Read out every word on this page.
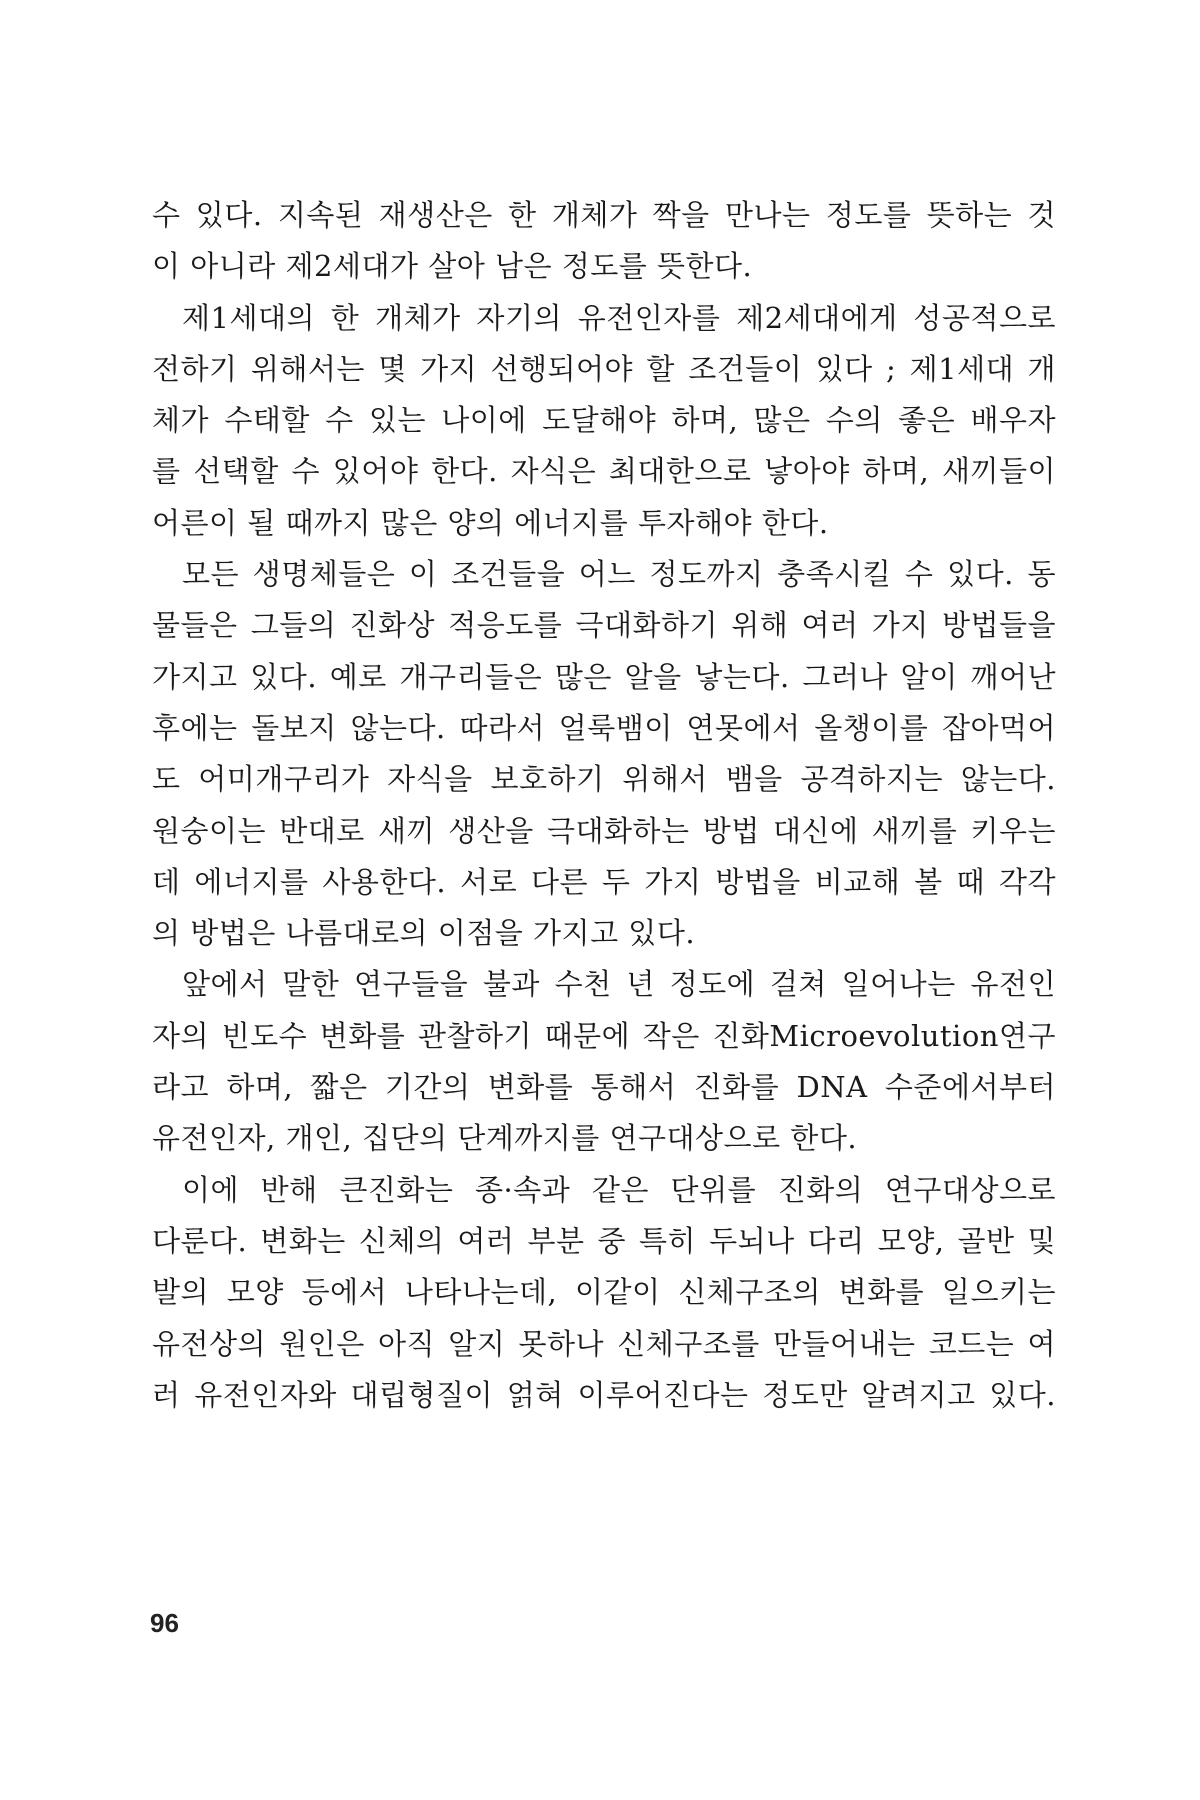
수 있다. 지속된 재생산은 한 개체가 짝을 만나는 정도를 뜻하는 것
이 아니라 제2세대가 살아 남은 정도를 뜻한다.
제1세대의 한 개체가 자기의 유전인자를 제2세대에게 성공적으로
전하기 위해서는 몇 가지 선행되어야 할 조건들이 있다 ; 제1세대 개
체가 수태할 수 있는 나이에 도달해야 하며, 많은 수의 좋은 배우자
를 선택할 수 있어야 한다. 자식은 최대한으로 낳아야 하며, 새끼들이
어른이 될 때까지 많은 양의 에너지를 투자해야 한다.
모든 생명체들은 이 조건들을 어느 정도까지 충족시킬 수 있다. 동
물들은 그들의 진화상 적응도를 극대화하기 위해 여러 가지 방법들을
가지고 있다. 예로 개구리들은 많은 알을 낳는다. 그러나 알이 깨어난
후에는 돌보지 않는다. 따라서 얼룩뱀이 연못에서 올챙이를 잡아먹어
도 어미개구리가 자식을 보호하기 위해서 뱀을 공격하지는 않는다.
원숭이는 반대로 새끼 생산을 극대화하는 방법 대신에 새끼를 키우는
데 에너지를 사용한다. 서로 다른 두 가지 방법을 비교해 볼 때 각각
의 방법은 나름대로의 이점을 가지고 있다.
앞에서 말한 연구들을 불과 수천 년 정도에 걸쳐 일어나는 유전인
자의 빈도수 변화를 관찰하기 때문에 작은 진화Microevolution연구
라고 하며, 짧은 기간의 변화를 통해서 진화를 DNA 수준에서부터
유전인자, 개인, 집단의 단계까지를 연구대상으로 한다.
이에 반해 큰진화는 종·속과 같은 단위를 진화의 연구대상으로
다룬다. 변화는 신체의 여러 부분 중 특히 두뇌나 다리 모양, 골반 및
발의 모양 등에서 나타나는데, 이같이 신체구조의 변화를 일으키는
유전상의 원인은 아직 알지 못하나 신체구조를 만들어내는 코드는 여
러 유전인자와 대립형질이 얽혀 이루어진다는 정도만 알려지고 있다.
96
